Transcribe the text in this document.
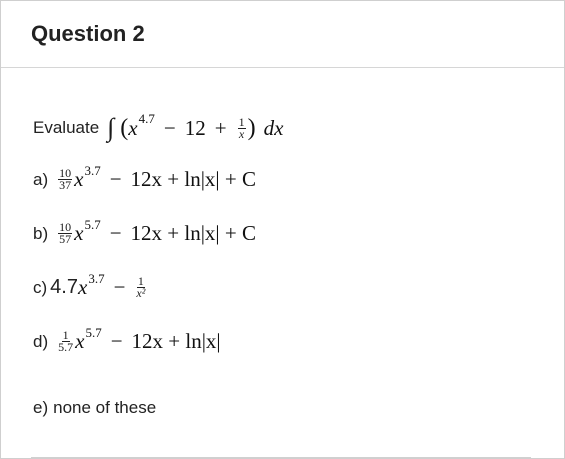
Question 2
Evaluate ∫ ( x $4.7 - 12 + \frac{1}{x}$ ) dx
$a) \frac{10}{37}$ x 3.7 − 12x + ln|x| + C
$b) \frac{10}{57}$ x 5.7 − 12x + ln|x| + C
c) 4.7 x $3.7 - \frac{1}{\text{x²}}$
$d) \frac{1}{5.7}$ x 5.7 − 12x + ln|x|
e) none of these
